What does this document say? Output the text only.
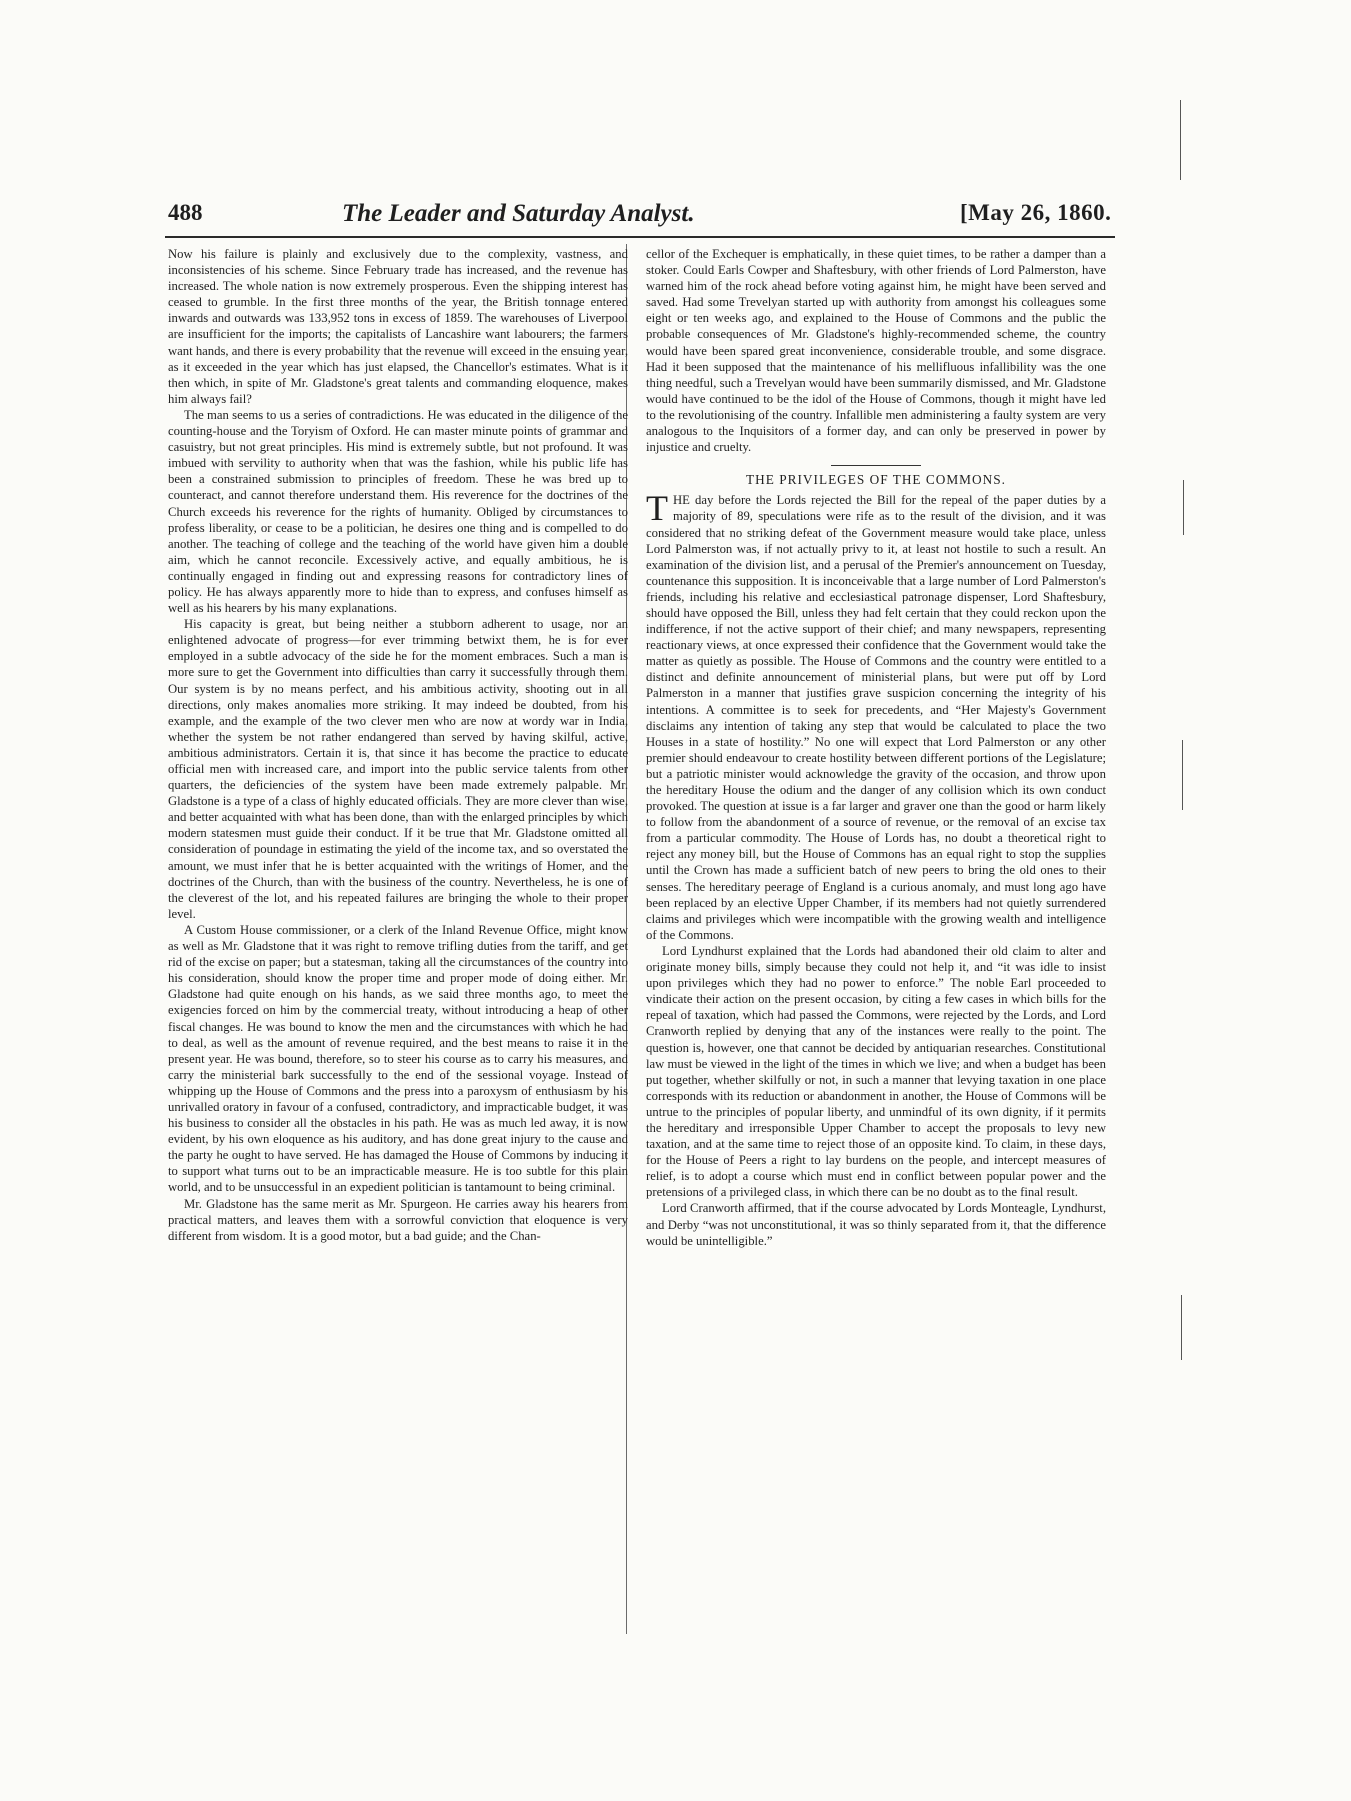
488	The Leader and Saturday Analyst.	[May 26, 1860.

Now his failure is plainly and exclusively due to the complexity, vastness, and inconsistencies of his scheme. Since February trade has increased, and the revenue has increased. The whole nation is now extremely prosperous. Even the shipping interest has ceased to grumble. In the first three months of the year, the British tonnage entered inwards and outwards was 133,952 tons in excess of 1859. The warehouses of Liverpool are insufficient for the imports; the capitalists of Lancashire want labourers; the farmers want hands, and there is every probability that the revenue will exceed in the ensuing year, as it exceeded in the year which has just elapsed, the Chancellor's estimates. What is it then which, in spite of Mr. Gladstone's great talents and commanding eloquence, makes him always fail?

The man seems to us a series of contradictions. He was educated in the diligence of the counting-house and the Toryism of Oxford. He can master minute points of grammar and casuistry, but not great principles. His mind is extremely subtle, but not profound. It was imbued with servility to authority when that was the fashion, while his public life has been a constrained submission to principles of freedom. These he was bred up to counteract, and cannot therefore understand them. His reverence for the doctrines of the Church exceeds his reverence for the rights of humanity. Obliged by circumstances to profess liberality, or cease to be a politician, he desires one thing and is compelled to do another. The teaching of college and the teaching of the world have given him a double aim, which he cannot reconcile. Excessively active, and equally ambitious, he is continually engaged in finding out and expressing reasons for contradictory lines of policy. He has always apparently more to hide than to express, and confuses himself as well as his hearers by his many explanations.

His capacity is great, but being neither a stubborn adherent to usage, nor an enlightened advocate of progress—for ever trimming betwixt them, he is for ever employed in a subtle advocacy of the side he for the moment embraces. Such a man is more sure to get the Government into difficulties than carry it successfully through them. Our system is by no means perfect, and his ambitious activity, shooting out in all directions, only makes anomalies more striking. It may indeed be doubted, from his example, and the example of the two clever men who are now at wordy war in India, whether the system be not rather endangered than served by having skilful, active, ambitious administrators. Certain it is, that since it has become the practice to educate official men with increased care, and import into the public service talents from other quarters, the deficiencies of the system have been made extremely palpable. Mr. Gladstone is a type of a class of highly educated officials. They are more clever than wise, and better acquainted with what has been done, than with the enlarged principles by which modern statesmen must guide their conduct. If it be true that Mr. Gladstone omitted all consideration of poundage in estimating the yield of the income tax, and so overstated the amount, we must infer that he is better acquainted with the writings of Homer, and the doctrines of the Church, than with the business of the country. Nevertheless, he is one of the cleverest of the lot, and his repeated failures are bringing the whole to their proper level.

A Custom House commissioner, or a clerk of the Inland Revenue Office, might know as well as Mr. Gladstone that it was right to remove trifling duties from the tariff, and get rid of the excise on paper; but a statesman, taking all the circumstances of the country into his consideration, should know the proper time and proper mode of doing either. Mr. Gladstone had quite enough on his hands, as we said three months ago, to meet the exigencies forced on him by the commercial treaty, without introducing a heap of other fiscal changes. He was bound to know the men and the circumstances with which he had to deal, as well as the amount of revenue required, and the best means to raise it in the present year. He was bound, therefore, so to steer his course as to carry his measures, and carry the ministerial bark successfully to the end of the sessional voyage. Instead of whipping up the House of Commons and the press into a paroxysm of enthusiasm by his unrivalled oratory in favour of a confused, contradictory, and impracticable budget, it was his business to consider all the obstacles in his path. He was as much led away, it is now evident, by his own eloquence as his auditory, and has done great injury to the cause and the party he ought to have served. He has damaged the House of Commons by inducing it to support what turns out to be an impracticable measure. He is too subtle for this plain world, and to be unsuccessful in an expedient politician is tantamount to being criminal.

Mr. Gladstone has the same merit as Mr. Spurgeon. He carries away his hearers from practical matters, and leaves them with a sorrowful conviction that eloquence is very different from wisdom. It is a good motor, but a bad guide; and the Chan-

cellor of the Exchequer is emphatically, in these quiet times, to be rather a damper than a stoker. Could Earls Cowper and Shaftesbury, with other friends of Lord Palmerston, have warned him of the rock ahead before voting against him, he might have been served and saved. Had some Trevelyan started up with authority from amongst his colleagues some eight or ten weeks ago, and explained to the House of Commons and the public the probable consequences of Mr. Gladstone's highly-recommended scheme, the country would have been spared great inconvenience, considerable trouble, and some disgrace. Had it been supposed that the maintenance of his mellifluous infallibility was the one thing needful, such a Trevelyan would have been summarily dismissed, and Mr. Gladstone would have continued to be the idol of the House of Commons, though it might have led to the revolutionising of the country. Infallible men administering a faulty system are very analogous to the Inquisitors of a former day, and can only be preserved in power by injustice and cruelty.

THE PRIVILEGES OF THE COMMONS.

T HE day before the Lords rejected the Bill for the repeal of the paper duties by a majority of 89, speculations were rife as to the result of the division, and it was considered that no striking defeat of the Government measure would take place, unless Lord Palmerston was, if not actually privy to it, at least not hostile to such a result. An examination of the division list, and a perusal of the Premier's announcement on Tuesday, countenance this supposition. It is inconceivable that a large number of Lord Palmerston's friends, including his relative and ecclesiastical patronage dispenser, Lord Shaftesbury, should have opposed the Bill, unless they had felt certain that they could reckon upon the indifference, if not the active support of their chief; and many newspapers, representing reactionary views, at once expressed their confidence that the Government would take the matter as quietly as possible. The House of Commons and the country were entitled to a distinct and definite announcement of ministerial plans, but were put off by Lord Palmerston in a manner that justifies grave suspicion concerning the integrity of his intentions. A committee is to seek for precedents, and “Her Majesty's Government disclaims any intention of taking any step that would be calculated to place the two Houses in a state of hostility.” No one will expect that Lord Palmerston or any other premier should endeavour to create hostility between different portions of the Legislature; but a patriotic minister would acknowledge the gravity of the occasion, and throw upon the hereditary House the odium and the danger of any collision which its own conduct provoked. The question at issue is a far larger and graver one than the good or harm likely to follow from the abandonment of a source of revenue, or the removal of an excise tax from a particular commodity. The House of Lords has, no doubt a theoretical right to reject any money bill, but the House of Commons has an equal right to stop the supplies until the Crown has made a sufficient batch of new peers to bring the old ones to their senses. The hereditary peerage of England is a curious anomaly, and must long ago have been replaced by an elective Upper Chamber, if its members had not quietly surrendered claims and privileges which were incompatible with the growing wealth and intelligence of the Commons.

Lord Lyndhurst explained that the Lords had abandoned their old claim to alter and originate money bills, simply because they could not help it, and “it was idle to insist upon privileges which they had no power to enforce.” The noble Earl proceeded to vindicate their action on the present occasion, by citing a few cases in which bills for the repeal of taxation, which had passed the Commons, were rejected by the Lords, and Lord Cranworth replied by denying that any of the instances were really to the point. The question is, however, one that cannot be decided by antiquarian researches. Constitutional law must be viewed in the light of the times in which we live; and when a budget has been put together, whether skilfully or not, in such a manner that levying taxation in one place corresponds with its reduction or abandonment in another, the House of Commons will be untrue to the principles of popular liberty, and unmindful of its own dignity, if it permits the hereditary and irresponsible Upper Chamber to accept the proposals to levy new taxation, and at the same time to reject those of an opposite kind. To claim, in these days, for the House of Peers a right to lay burdens on the people, and intercept measures of relief, is to adopt a course which must end in conflict between popular power and the pretensions of a privileged class, in which there can be no doubt as to the final result.

Lord Cranworth affirmed, that if the course advocated by Lords Monteagle, Lyndhurst, and Derby “was not unconstitutional, it was so thinly separated from it, that the difference would be unintelligible.”
